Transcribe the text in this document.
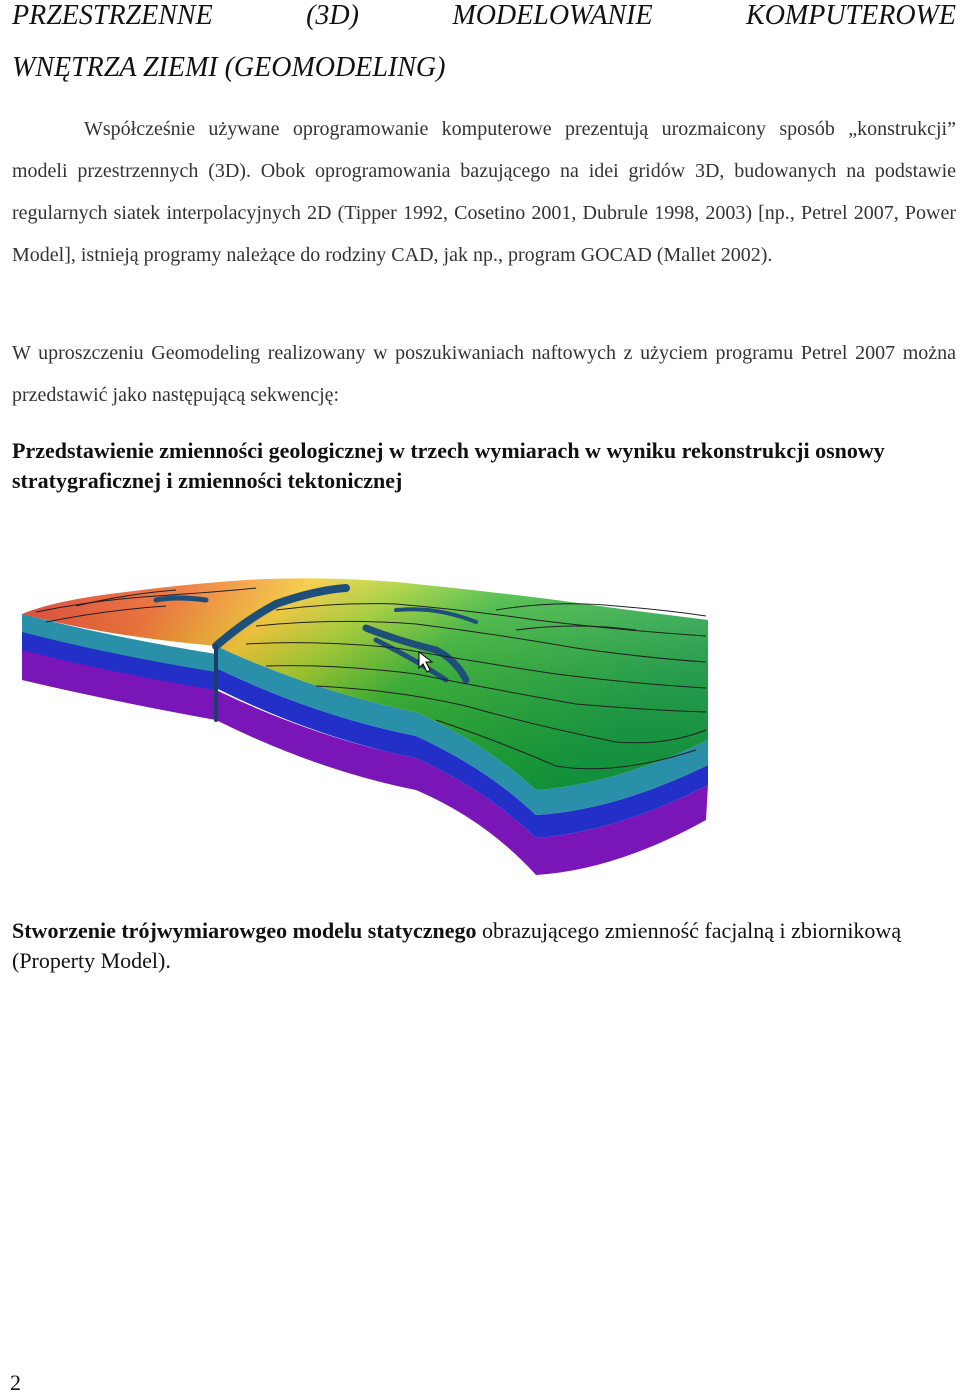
PRZESTRZENNE (3D) MODELOWANIE KOMPUTEROWE
WNĘTRZA ZIEMI (GEOMODELING)

Współcześnie używane oprogramowanie komputerowe prezentują urozmaicony sposób „konstrukcji” modeli przestrzennych (3D). Obok oprogramowania bazującego na idei gridów 3D, budowanych na podstawie regularnych siatek interpolacyjnych 2D (Tipper 1992, Cosetino 2001, Dubrule 1998, 2003) [np., Petrel 2007, Power Model], istnieją programy należące do rodziny CAD, jak np., program GOCAD (Mallet 2002).

W uproszczeniu Geomodeling realizowany w poszukiwaniach naftowych z użyciem programu Petrel 2007 można przedstawić jako następującą sekwencję:

Przedstawienie zmienności geologicznej w trzech wymiarach w wyniku rekonstrukcji osnowy stratygraficznej i zmienności tektonicznej

Stworzenie trójwymiarowgeo modelu statycznego obrazującego zmienność facjalną i zbiornikową (Property Model).

2
